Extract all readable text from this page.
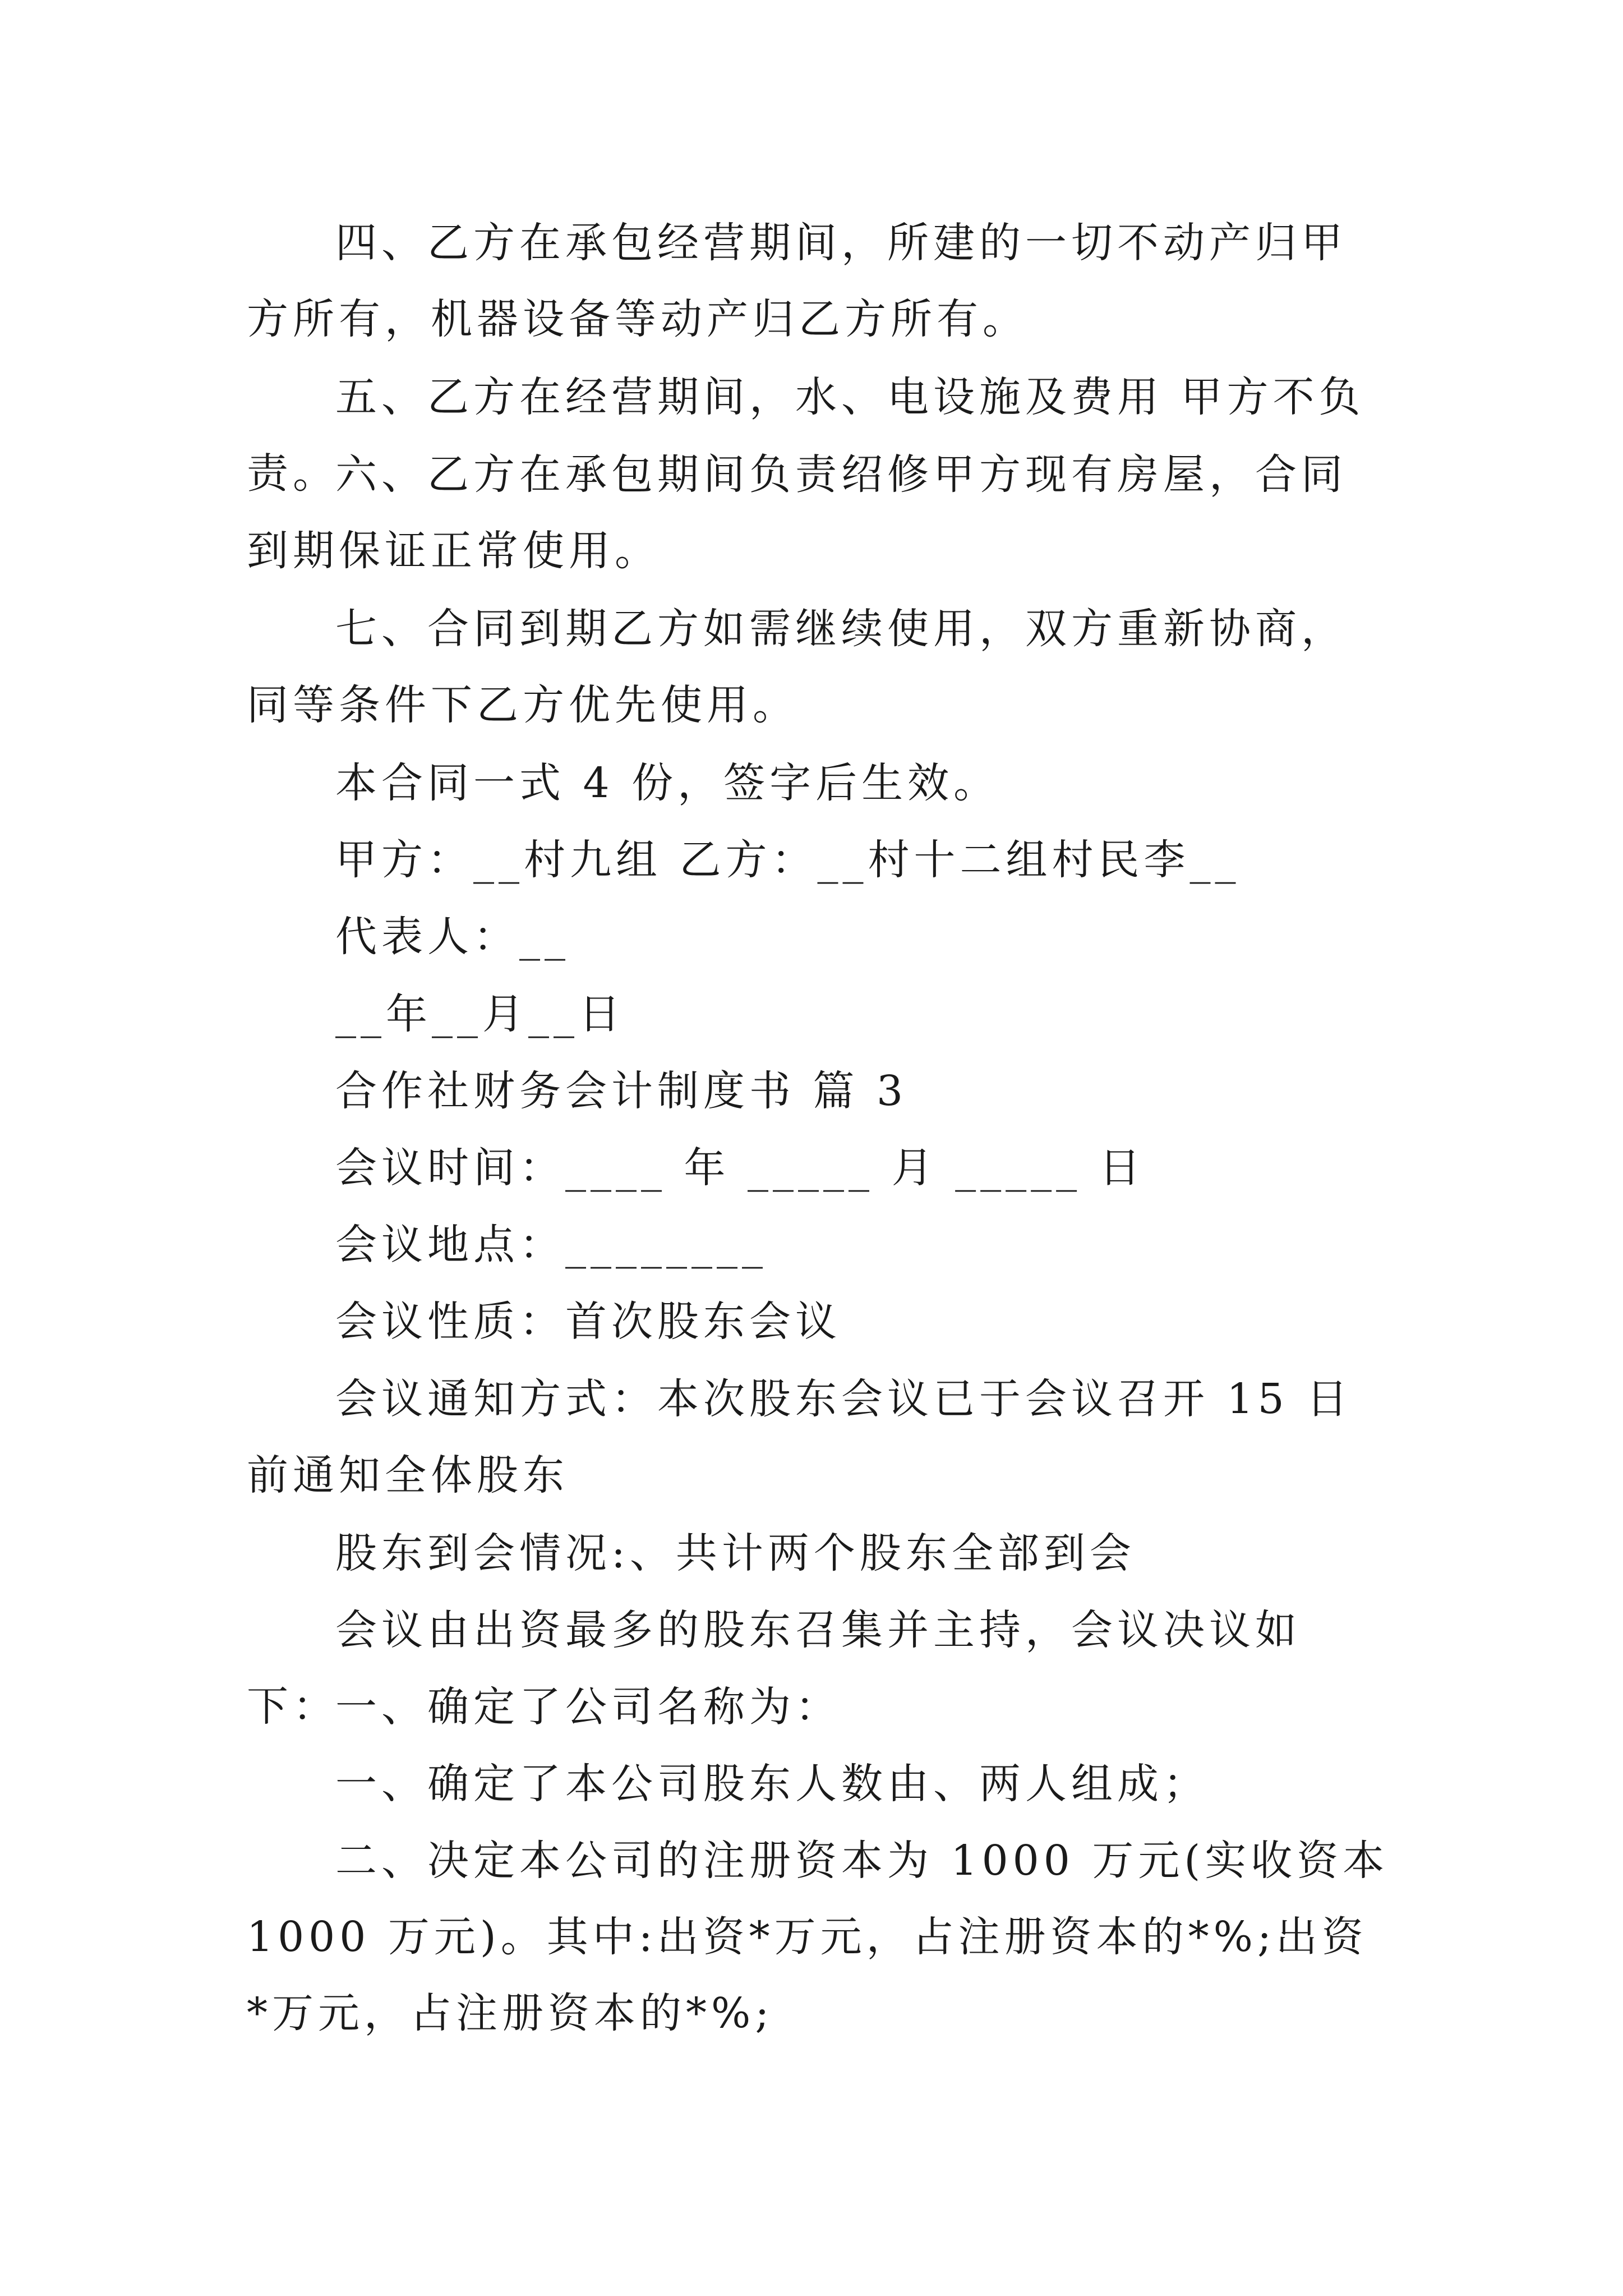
四、乙方在承包经营期间，所建的一切不动产归甲方所有，机器设备等动产归乙方所有。

五、乙方在经营期间，水、电设施及费用 甲方不负责。

六、乙方在承包期间负责绍修甲方现有房屋，合同到期保证正常使用。

七、合同到期乙方如需继续使用，双方重新协商，同等条件下乙方优先使用。

本合同一式 4 份，签字后生效。

甲方：__村九组 乙方：__村十二组村民李__

代表人：__

__年__月__日

合作社财务会计制度书 篇 3

会议时间：____ 年 _____ 月 _____ 日

会议地点：________

会议性质：首次股东会议

会议通知方式：本次股东会议已于会议召开 15 日前通知全体股东

股东到会情况:、共计两个股东全部到会

会议由出资最多的股东召集并主持，会议决议如下：

一、确定了公司名称为：

一、确定了本公司股东人数由、两人组成；

二、决定本公司的注册资本为 1000 万元(实收资本 1000 万元)。其中:出资*万元，占注册资本的*%;出资*万元，占注册资本的*%;
